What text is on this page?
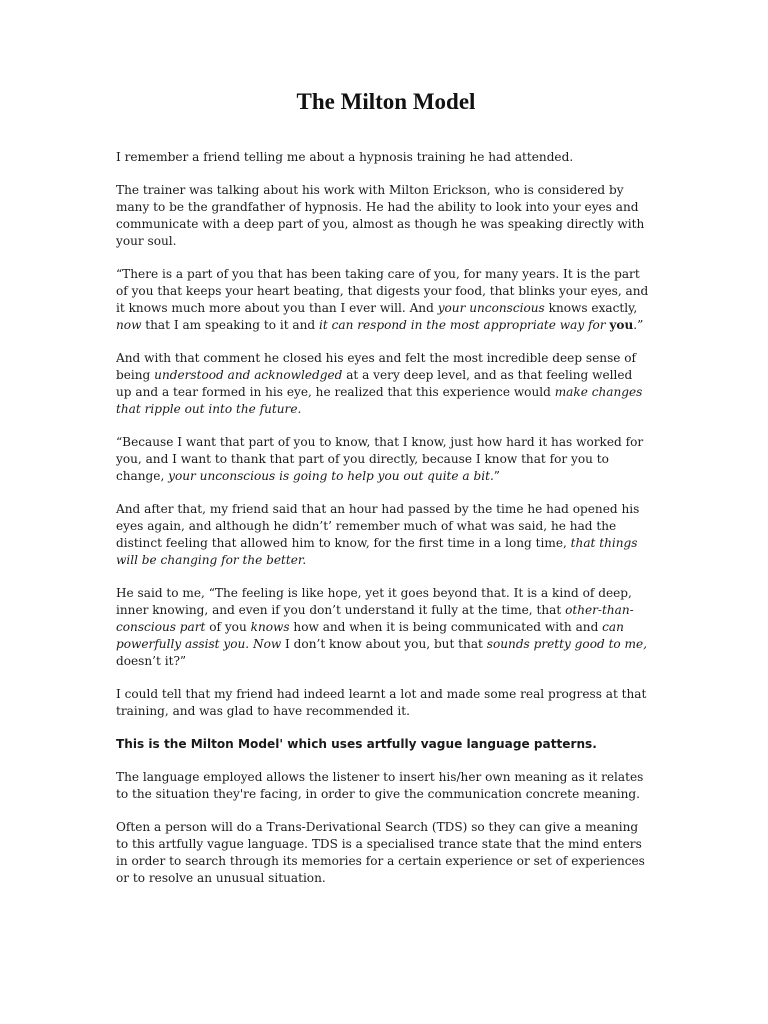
The Milton Model

I remember a friend telling me about a hypnosis training he had attended.

The trainer was talking about his work with Milton Erickson, who is considered by
many to be the grandfather of hypnosis. He had the ability to look into your eyes and
communicate with a deep part of you, almost as though he was speaking directly with
your soul.

“There is a part of you that has been taking care of you, for many years. It is the part
of you that keeps your heart beating, that digests your food, that blinks your eyes, and
it knows much more about you than I ever will. And your unconscious knows exactly,
now that I am speaking to it and it can respond in the most appropriate way for you.”

And with that comment he closed his eyes and felt the most incredible deep sense of
being understood and acknowledged at a very deep level, and as that feeling welled
up and a tear formed in his eye, he realized that this experience would make changes
that ripple out into the future.

“Because I want that part of you to know, that I know, just how hard it has worked for
you, and I want to thank that part of you directly, because I know that for you to
change, your unconscious is going to help you out quite a bit.”

And after that, my friend said that an hour had passed by the time he had opened his
eyes again, and although he didn’t’ remember much of what was said, he had the
distinct feeling that allowed him to know, for the first time in a long time, that things
will be changing for the better.

He said to me, “The feeling is like hope, yet it goes beyond that. It is a kind of deep,
inner knowing, and even if you don’t understand it fully at the time, that other-than-
conscious part of you knows how and when it is being communicated with and can
powerfully assist you. Now I don’t know about you, but that sounds pretty good to me,
doesn’t it?”

I could tell that my friend had indeed learnt a lot and made some real progress at that
training, and was glad to have recommended it.

This is the Milton Model' which uses artfully vague language patterns.

The language employed allows the listener to insert his/her own meaning as it relates
to the situation they're facing, in order to give the communication concrete meaning.

Often a person will do a Trans-Derivational Search (TDS) so they can give a meaning
to this artfully vague language. TDS is a specialised trance state that the mind enters
in order to search through its memories for a certain experience or set of experiences
or to resolve an unusual situation.
